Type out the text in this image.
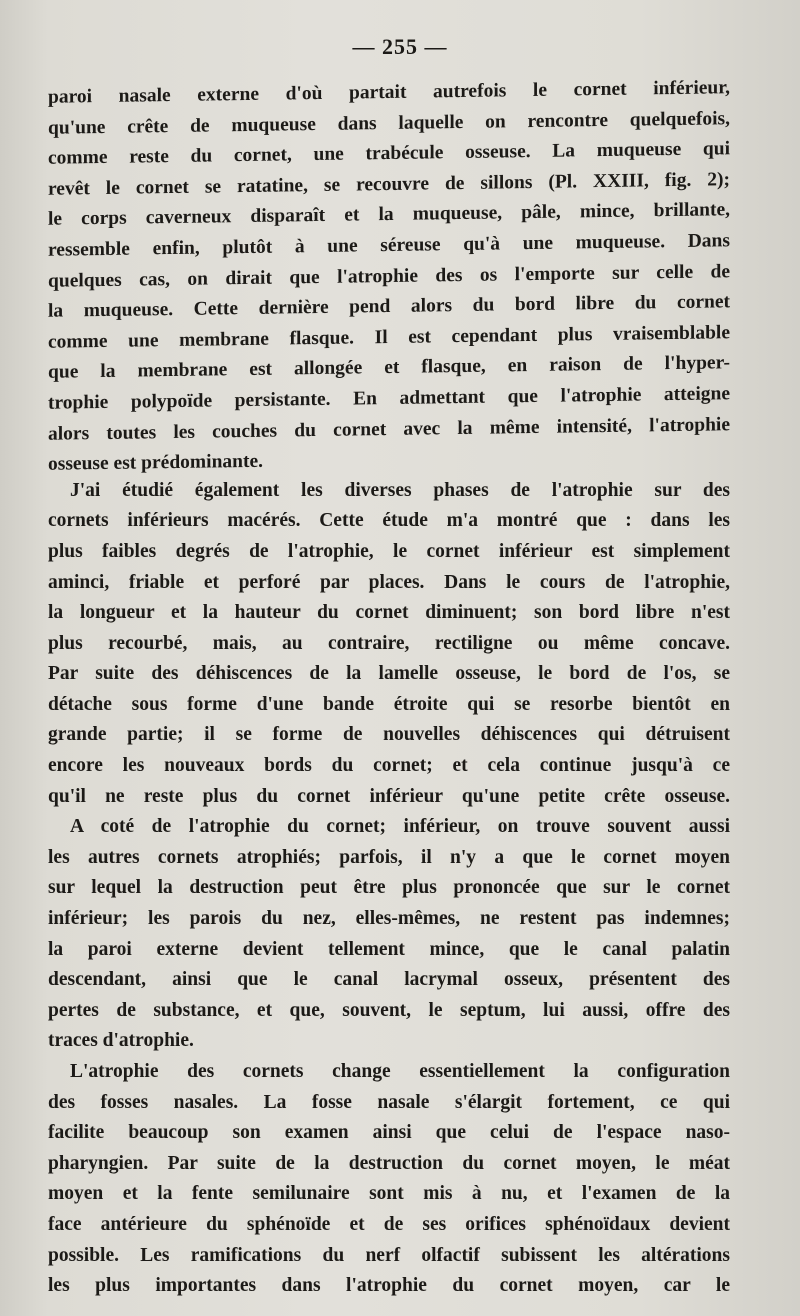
— 255 —
paroi nasale externe d'où partait autrefois le cornet inférieur,
qu'une crête de muqueuse dans laquelle on rencontre quelquefois,
comme reste du cornet, une trabécule osseuse. La muqueuse qui
revêt le cornet se ratatine, se recouvre de sillons (Pl. XXIII, fig. 2);
le corps caverneux disparaît et la muqueuse, pâle, mince, brillante,
ressemble enfin, plutôt à une séreuse qu'à une muqueuse. Dans
quelques cas, on dirait que l'atrophie des os l'emporte sur celle de
la muqueuse. Cette dernière pend alors du bord libre du cornet
comme une membrane flasque. Il est cependant plus vraisemblable
que la membrane est allongée et flasque, en raison de l'hyper-
trophie polypoïde persistante. En admettant que l'atrophie atteigne
alors toutes les couches du cornet avec la même intensité, l'atrophie
osseuse est prédominante.
J'ai étudié également les diverses phases de l'atrophie sur des
cornets inférieurs macérés. Cette étude m'a montré que : dans les
plus faibles degrés de l'atrophie, le cornet inférieur est simplement
aminci, friable et perforé par places. Dans le cours de l'atrophie,
la longueur et la hauteur du cornet diminuent; son bord libre n'est
plus recourbé, mais, au contraire, rectiligne ou même concave.
Par suite des déhiscences de la lamelle osseuse, le bord de l'os, se
détache sous forme d'une bande étroite qui se resorbe bientôt en
grande partie; il se forme de nouvelles déhiscences qui détruisent
encore les nouveaux bords du cornet; et cela continue jusqu'à ce
qu'il ne reste plus du cornet inférieur qu'une petite crête osseuse.
A coté de l'atrophie du cornet; inférieur, on trouve souvent aussi
les autres cornets atrophiés; parfois, il n'y a que le cornet moyen
sur lequel la destruction peut être plus prononcée que sur le cornet
inférieur; les parois du nez, elles-mêmes, ne restent pas indemnes;
la paroi externe devient tellement mince, que le canal palatin
descendant, ainsi que le canal lacrymal osseux, présentent des
pertes de substance, et que, souvent, le septum, lui aussi, offre des
traces d'atrophie.
L'atrophie des cornets change essentiellement la configuration
des fosses nasales. La fosse nasale s'élargit fortement, ce qui
facilite beaucoup son examen ainsi que celui de l'espace naso-
pharyngien. Par suite de la destruction du cornet moyen, le méat
moyen et la fente semilunaire sont mis à nu, et l'examen de la
face antérieure du sphénoïde et de ses orifices sphénoïdaux devient
possible. Les ramifications du nerf olfactif subissent les altérations
les plus importantes dans l'atrophie du cornet moyen, car le
